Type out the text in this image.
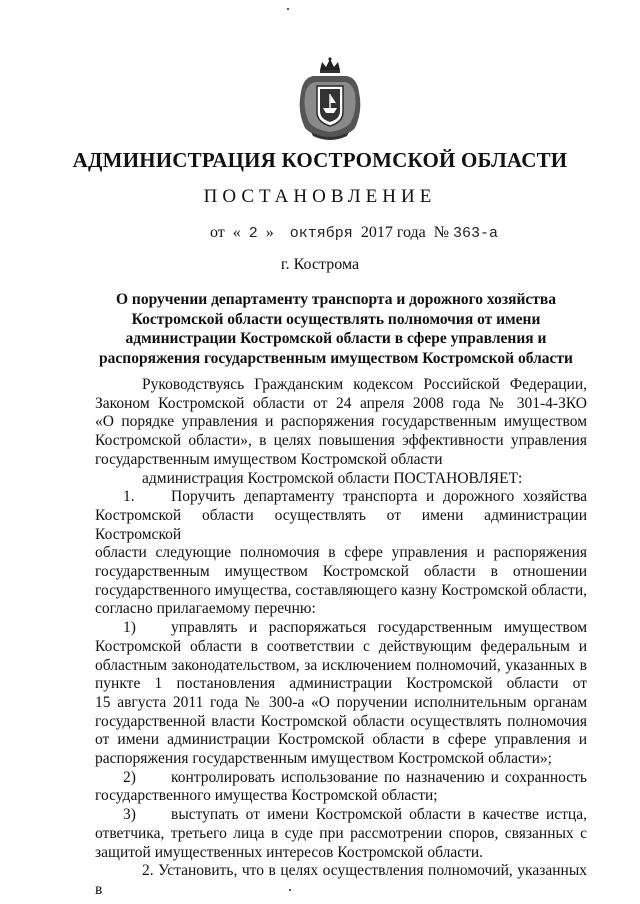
АДМИНИСТРАЦИЯ КОСТРОМСКОЙ ОБЛАСТИ
ПОСТАНОВЛЕНИЕ
от « 2 » октября 2017 года № 363-а
г. Кострома
О поручении департаменту транспорта и дорожного хозяйства
Костромской области осуществлять полномочия от имени
администрации Костромской области в сфере управления и
распоряжения государственным имуществом Костромской области

Руководствуясь Гражданским кодексом Российской Федерации,

Законом Костромской области от 24 апреля 2008 года № 301-4-ЗКО

«О порядке управления и распоряжения государственным имуществом

Костромской области», в целях повышения эффективности управления

государственным имуществом Костромской области

администрация Костромской области ПОСТАНОВЛЯЕТ:

1. Поручить департаменту транспорта и дорожного хозяйства

Костромской области осуществлять от имени администрации Костромской

области следующие полномочия в сфере управления и распоряжения

государственным имуществом Костромской области в отношении

государственного имущества, составляющего казну Костромской области,

согласно прилагаемому перечню:

1) управлять и распоряжаться государственным имуществом

Костромской области в соответствии с действующим федеральным и

областным законодательством, за исключением полномочий, указанных в

пункте 1 постановления администрации Костромской области от

15 августа 2011 года № 300-а «О поручении исполнительным органам

государственной власти Костромской области осуществлять полномочия

от имени администрации Костромской области в сфере управления и

распоряжения государственным имуществом Костромской области»;

2) контролировать использование по назначению и сохранность

государственного имущества Костромской области;

3) выступать от имени Костромской области в качестве истца,

ответчика, третьего лица в суде при рассмотрении споров, связанных с

защитой имущественных интересов Костромской области.

2. Установить, что в целях осуществления полномочий, указанных в
